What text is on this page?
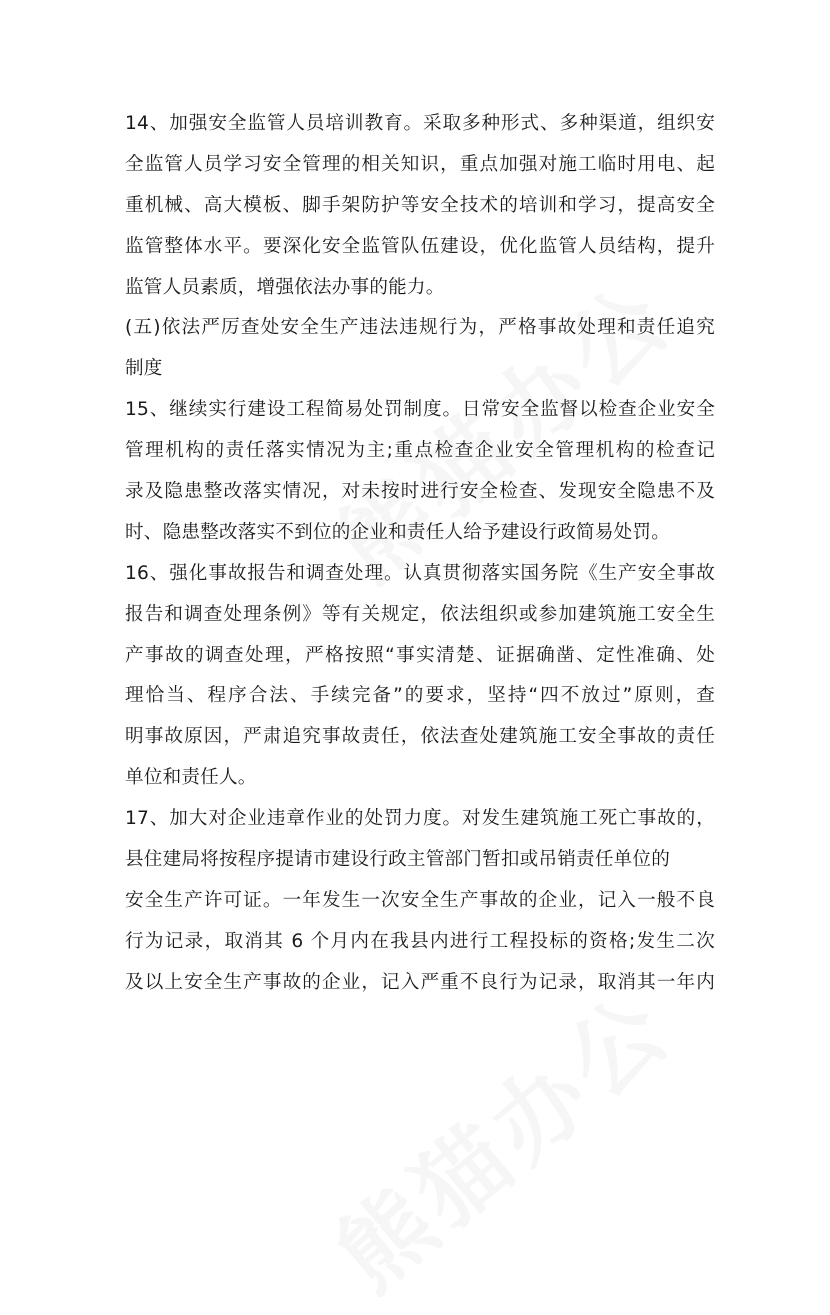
14、加强安全监管人员培训教育。采取多种形式、多种渠道，组织安
全监管人员学习安全管理的相关知识，重点加强对施工临时用电、起
重机械、高大模板、脚手架防护等安全技术的培训和学习，提高安全
监管整体水平。要深化安全监管队伍建设，优化监管人员结构，提升
监管人员素质，增强依法办事的能力。
(五)依法严厉查处安全生产违法违规行为，严格事故处理和责任追究
制度
15、继续实行建设工程简易处罚制度。日常安全监督以检查企业安全
管理机构的责任落实情况为主;重点检查企业安全管理机构的检查记
录及隐患整改落实情况，对未按时进行安全检查、发现安全隐患不及
时、隐患整改落实不到位的企业和责任人给予建设行政简易处罚。
16、强化事故报告和调查处理。认真贯彻落实国务院《生产安全事故
报告和调查处理条例》等有关规定，依法组织或参加建筑施工安全生
产事故的调查处理，严格按照“事实清楚、证据确凿、定性准确、处
理恰当、程序合法、手续完备”的要求，坚持“四不放过”原则，查
明事故原因，严肃追究事故责任，依法查处建筑施工安全事故的责任
单位和责任人。
17、加大对企业违章作业的处罚力度。对发生建筑施工死亡事故的，
县住建局将按程序提请市建设行政主管部门暂扣或吊销责任单位的
安全生产许可证。一年发生一次安全生产事故的企业，记入一般不良
行为记录，取消其 6 个月内在我县内进行工程投标的资格;发生二次
及以上安全生产事故的企业，记入严重不良行为记录，取消其一年内
